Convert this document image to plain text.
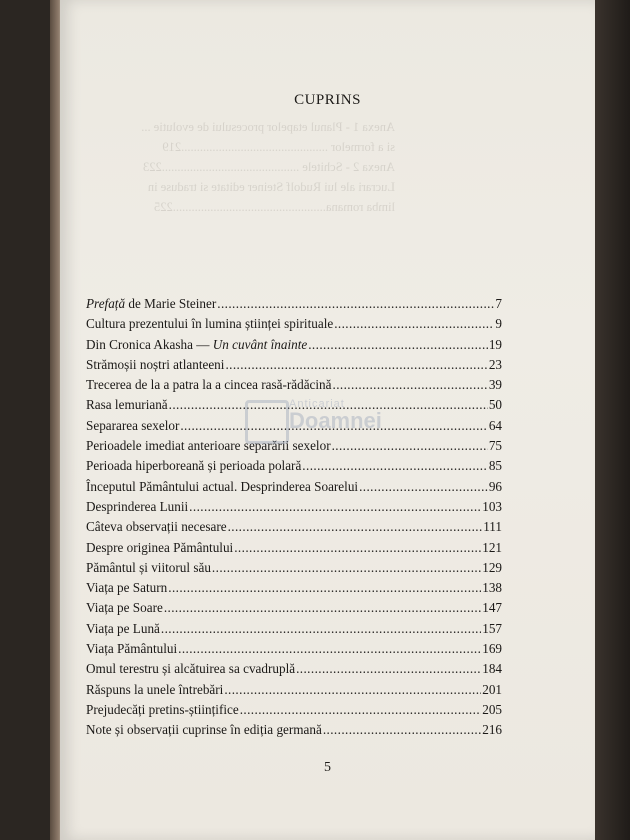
Anexa 1 - Planul etapelor procesului de evolutie ...
si a formelor ...............................................219
Anexa 2 - Schitele ............................................223
Lucrari ale lui Rudolf Steiner editate si traduse in
limba romana.................................................225
CUPRINS
Prefață de Marie Steiner .....	7
Cultura prezentului în lumina științei spirituale .....	9
Din Cronica Akasha — Un cuvânt înainte .....	19
Strămoșii noștri atlanteeni .....	23
Trecerea de la a patra la a cincea rasă-rădăcină .....	39
Rasa lemuriană .....	50
Separarea sexelor .....	64
Perioadele imediat anterioare separării sexelor .....	75
Perioada hiperboreană și perioada polară .....	85
Începutul Pământului actual. Desprinderea Soarelui .....	96
Desprinderea Lunii .....	103
Câteva observații necesare .....	111
Despre originea Pământului .....	121
Pământul și viitorul său .....	129
Viața pe Saturn .....	138
Viața pe Soare .....	147
Viața pe Lună .....	157
Viața Pământului .....	169
Omul terestru și alcătuirea sa cvadruplă .....	184
Răspuns la unele întrebări .....	201
Prejudecăți pretins-științifice .....	205
Note și observații cuprinse în ediția germană .....	216
Anticariat
Doamnei
5
